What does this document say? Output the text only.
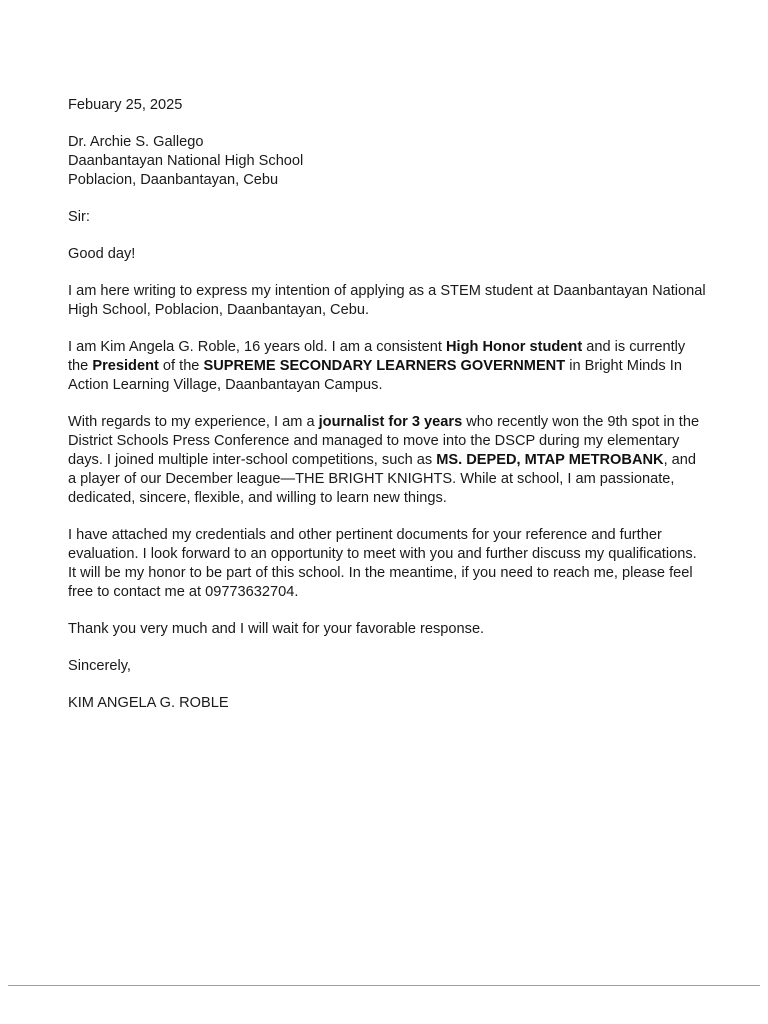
Febuary 25, 2025

Dr. Archie S. Gallego

Daanbantayan National High School

Poblacion, Daanbantayan, Cebu

Sir:

Good day!

I am here writing to express my intention of applying as a STEM student at Daanbantayan National High School, Poblacion, Daanbantayan, Cebu.

I am Kim Angela G. Roble, 16 years old. I am a consistent High Honor student and is currently the President of the SUPREME SECONDARY LEARNERS GOVERNMENT in Bright Minds In Action Learning Village, Daanbantayan Campus.

With regards to my experience, I am a journalist for 3 years who recently won the 9th spot in the District Schools Press Conference and managed to move into the DSCP during my elementary days. I joined multiple inter-school competitions, such as MS. DEPED, MTAP METROBANK, and a player of our December league—THE BRIGHT KNIGHTS. While at school, I am passionate, dedicated, sincere, flexible, and willing to learn new things.

I have attached my credentials and other pertinent documents for your reference and further evaluation. I look forward to an opportunity to meet with you and further discuss my qualifications. It will be my honor to be part of this school. In the meantime, if you need to reach me, please feel free to contact me at 09773632704.

Thank you very much and I will wait for your favorable response.

Sincerely,

KIM ANGELA G. ROBLE
